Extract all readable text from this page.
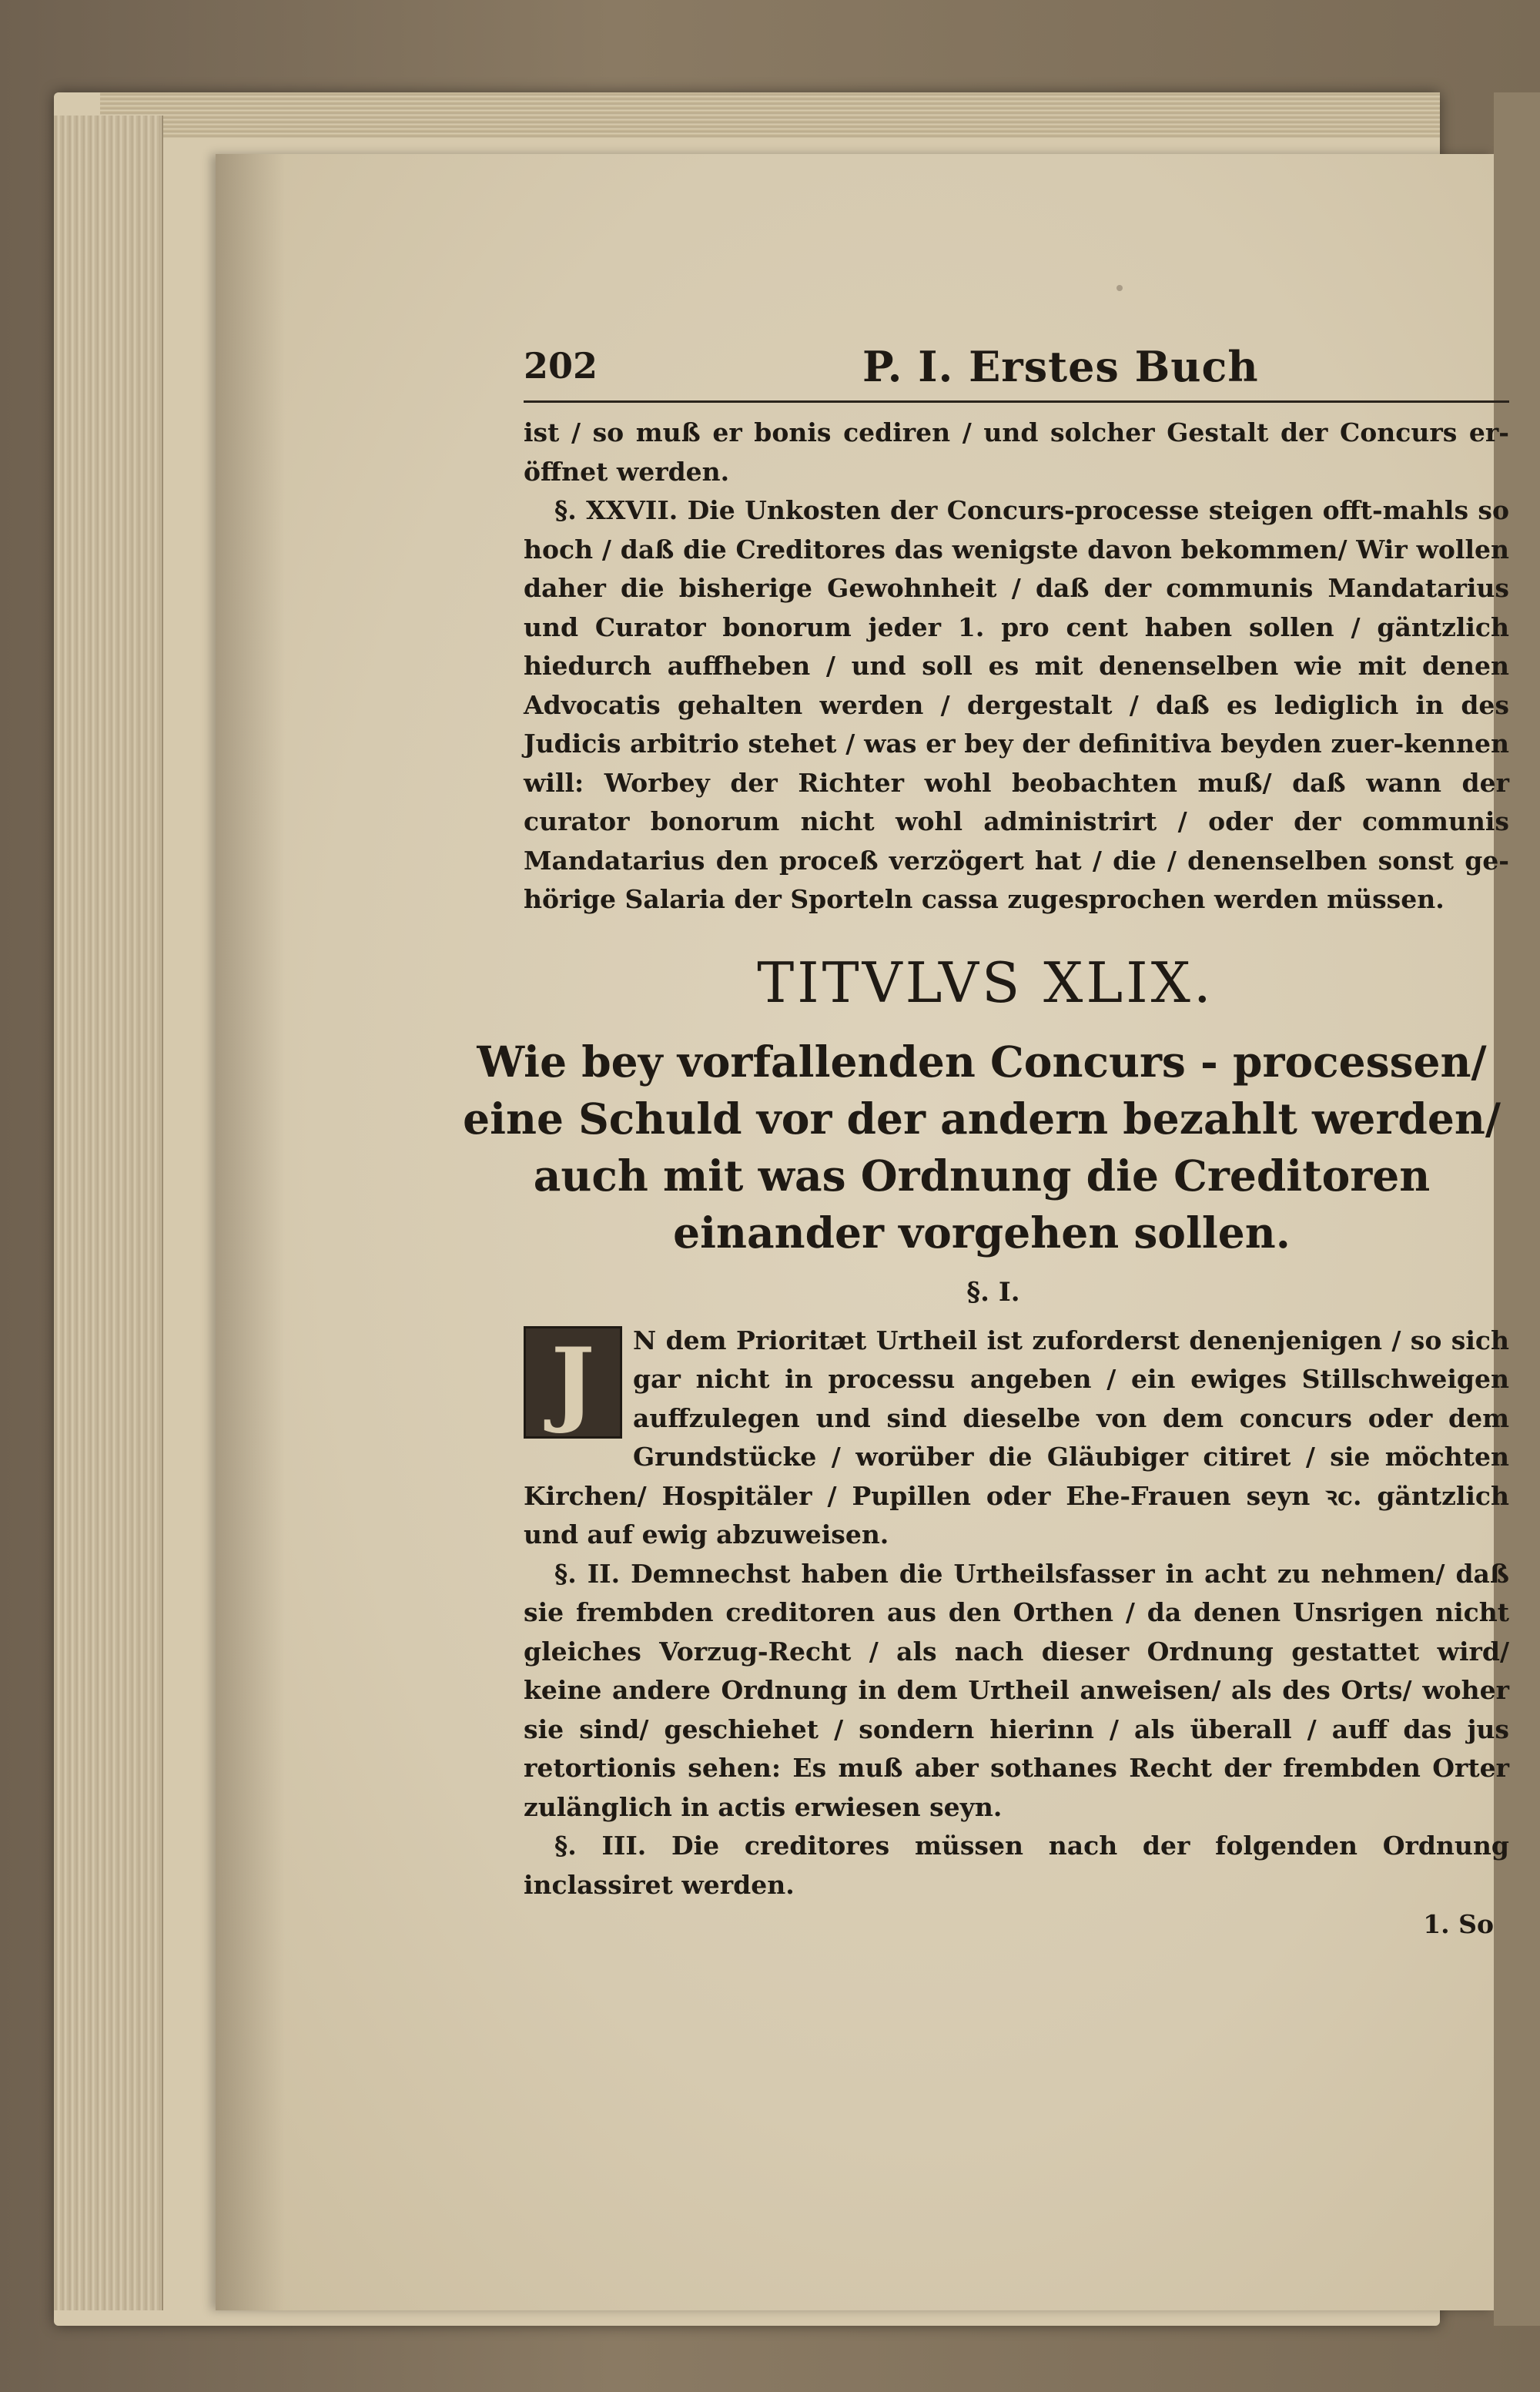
202	P. I. Erstes Buch

ist / so muß er bonis cediren / und solcher Gestalt der Concurs er-öffnet werden.

§. XXVII. Die Unkosten der Concurs-processe steigen offt-mahls so hoch / daß die Creditores das wenigste davon bekommen/ Wir wollen daher die bisherige Gewohnheit / daß der communis Mandatarius und Curator bonorum jeder 1. pro cent haben sollen / gäntzlich hiedurch auffheben / und soll es mit denenselben wie mit denen Advocatis gehalten werden / dergestalt / daß es lediglich in des Judicis arbitrio stehet / was er bey der definitiva beyden zuer-kennen will: Worbey der Richter wohl beobachten muß/ daß wann der curator bonorum nicht wohl administrirt / oder der communis Mandatarius den proceß verzögert hat / die / denenselben sonst ge-hörige Salaria der Sporteln cassa zugesprochen werden müssen.

TITVLVS XLIX.
Wie bey vorfallenden Concurs - processen/ eine Schuld vor der andern bezahlt werden/ auch mit was Ordnung die Creditoren einander vorgehen sollen.
§. I.
J	N dem Prioritæt Urtheil ist zuforderst denenjenigen / so sich gar nicht in processu angeben / ein ewiges Stillschweigen auffzulegen und sind dieselbe von dem concurs oder dem Grundstücke / worüber die Gläubiger citiret / sie möchten Kirchen/ Hospitäler / Pupillen oder Ehe-Frauen seyn ꝛc. gäntzlich und auf ewig abzuweisen.

§. II. Demnechst haben die Urtheilsfasser in acht zu nehmen/ daß sie frembden creditoren aus den Orthen / da denen Unsrigen nicht gleiches Vorzug-Recht / als nach dieser Ordnung gestattet wird/ keine andere Ordnung in dem Urtheil anweisen/ als des Orts/ woher sie sind/ geschiehet / sondern hierinn / als überall / auff das jus retortionis sehen: Es muß aber sothanes Recht der frembden Orter zulänglich in actis erwiesen seyn.

§. III. Die creditores müssen nach der folgenden Ordnung inclassiret werden.

1. So
